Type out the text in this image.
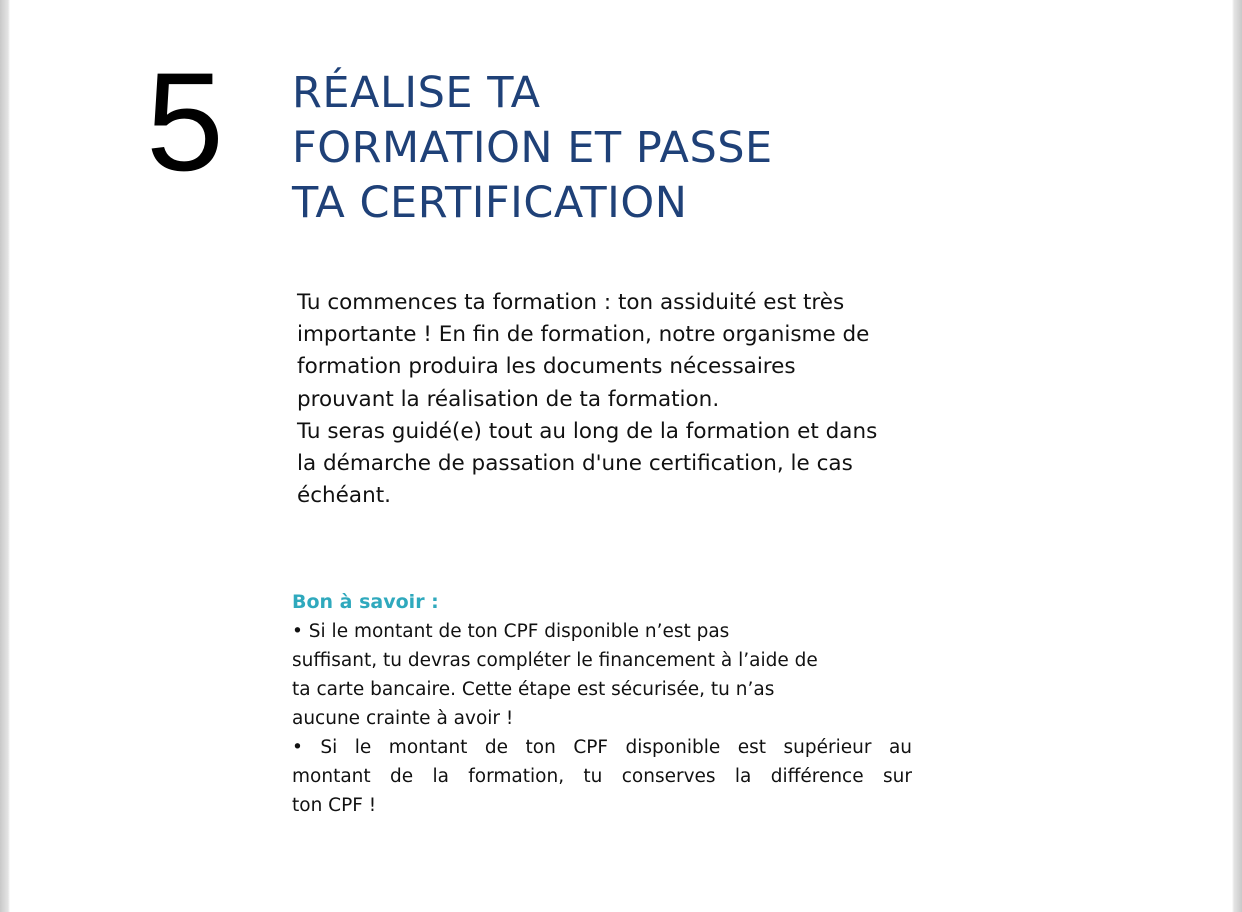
5 RÉALISE TA
FORMATION ET PASSE
TA CERTIFICATION
Tu commences ta formation : ton assiduité est très
importante ! En fin de formation, notre organisme de
formation produira les documents nécessaires
prouvant la réalisation de ta formation.
Tu seras guidé(e) tout au long de la formation et dans
la démarche de passation d'une certification, le cas
échéant.
Bon à savoir :
• Si le montant de ton CPF disponible n’est pas
suffisant, tu devras compléter le financement à l’aide de
ta carte bancaire. Cette étape est sécurisée, tu n’as
aucune crainte à avoir !
• Si le montant de ton CPF disponible est supérieur au
montant de la formation, tu conserves la différence sur
ton CPF !
